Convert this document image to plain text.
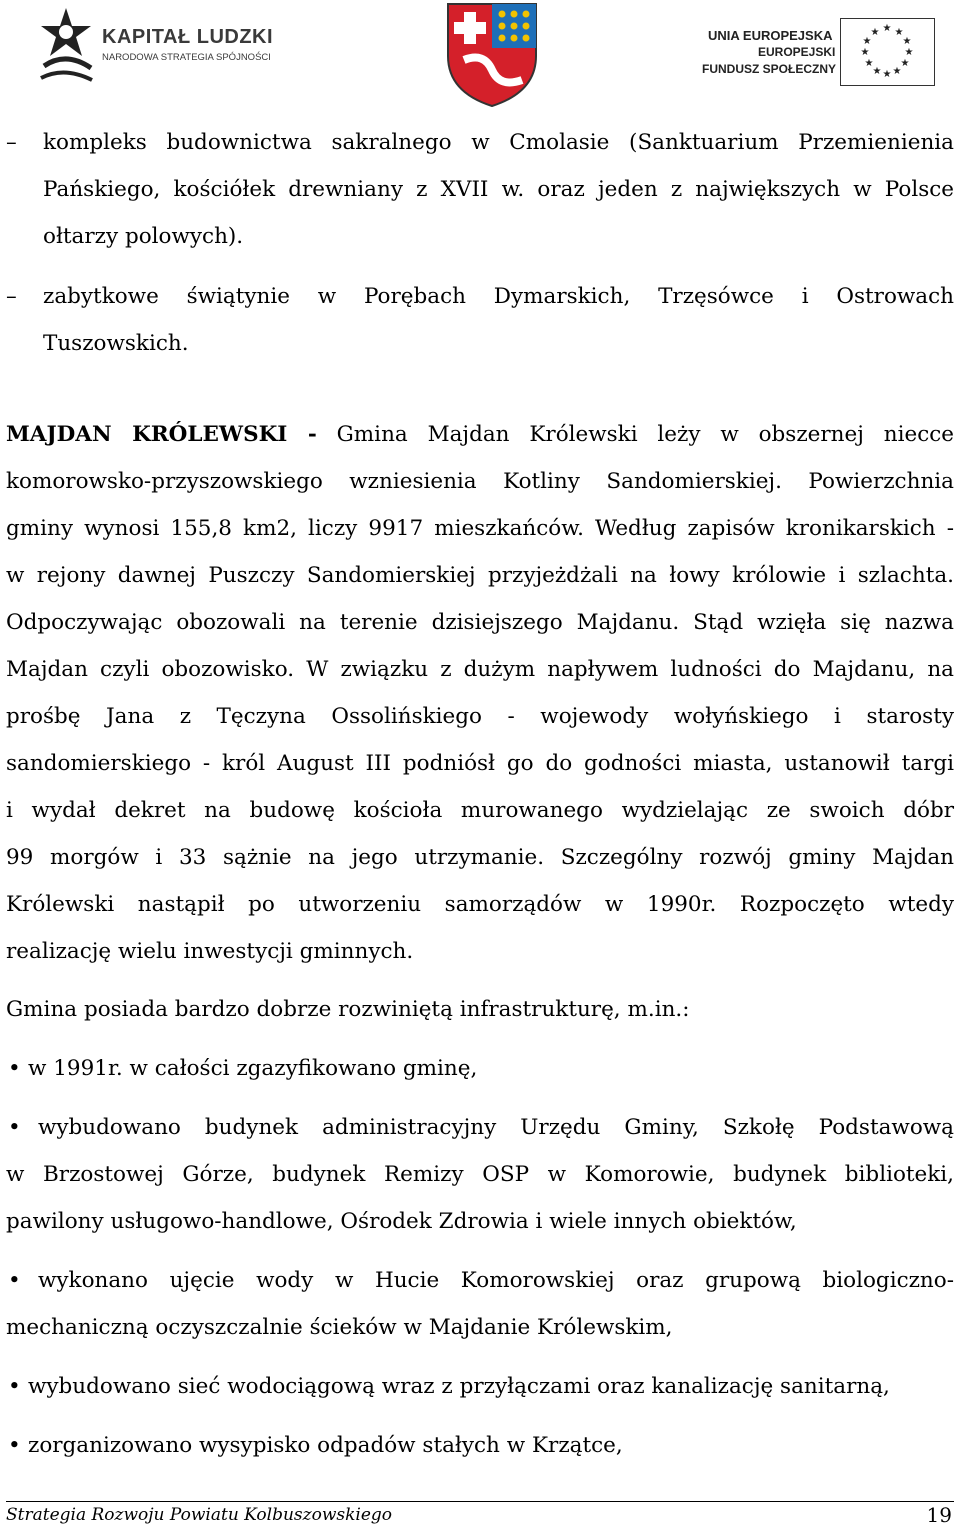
KAPITAŁ LUDZKI
NARODOWA STRATEGIA SPÓJNOŚCI
UNIA EUROPEJSKA
EUROPEJSKI
FUNDUSZ SPOŁECZNY
★ ★
★
★
★
★
★
★
★
★
★
★
–	kompleks budownictwa sakralnego w Cmolasie (Sanktuarium Przemienienia
Pańskiego, kościółek drewniany z XVII w. oraz jeden z największych w Polsce
ołtarzy polowych).
–	zabytkowe świątynie w Porębach Dymarskich, Trzęsówce i Ostrowach
Tuszowskich.
MAJDAN KRÓLEWSKI - Gmina Majdan Królewski leży w obszernej niecce
komorowsko-przyszowskiego wzniesienia Kotliny Sandomierskiej. Powierzchnia
gminy wynosi 155,8 km2, liczy 9917 mieszkańców. Według zapisów kronikarskich -
w rejony dawnej Puszczy Sandomierskiej przyjeżdżali na łowy królowie i szlachta.
Odpoczywając obozowali na terenie dzisiejszego Majdanu. Stąd wzięła się nazwa
Majdan czyli obozowisko. W związku z dużym napływem ludności do Majdanu, na
prośbę Jana z Tęczyna Ossolińskiego - wojewody wołyńskiego i starosty
sandomierskiego - król August III podniósł go do godności miasta, ustanowił targi
i wydał dekret na budowę kościoła murowanego wydzielając ze swoich dóbr
99 morgów i 33 sążnie na jego utrzymanie. Szczególny rozwój gminy Majdan
Królewski nastąpił po utworzeniu samorządów w 1990r. Rozpoczęto wtedy
realizację wielu inwestycji gminnych.
Gmina posiada bardzo dobrze rozwiniętą infrastrukturę, m.in.:
• w 1991r. w całości zgazyfikowano gminę,
• wybudowano budynek administracyjny Urzędu Gminy, Szkołę Podstawową
w Brzostowej Górze, budynek Remizy OSP w Komorowie, budynek biblioteki,
pawilony usługowo-handlowe, Ośrodek Zdrowia i wiele innych obiektów,
• wykonano ujęcie wody w Hucie Komorowskiej oraz grupową biologiczno-
mechaniczną oczyszczalnie ścieków w Majdanie Królewskim,
• wybudowano sieć wodociągową wraz z przyłączami oraz kanalizację sanitarną,
• zorganizowano wysypisko odpadów stałych w Krzątce,
Strategia Rozwoju Powiatu Kolbuszowskiego	19
